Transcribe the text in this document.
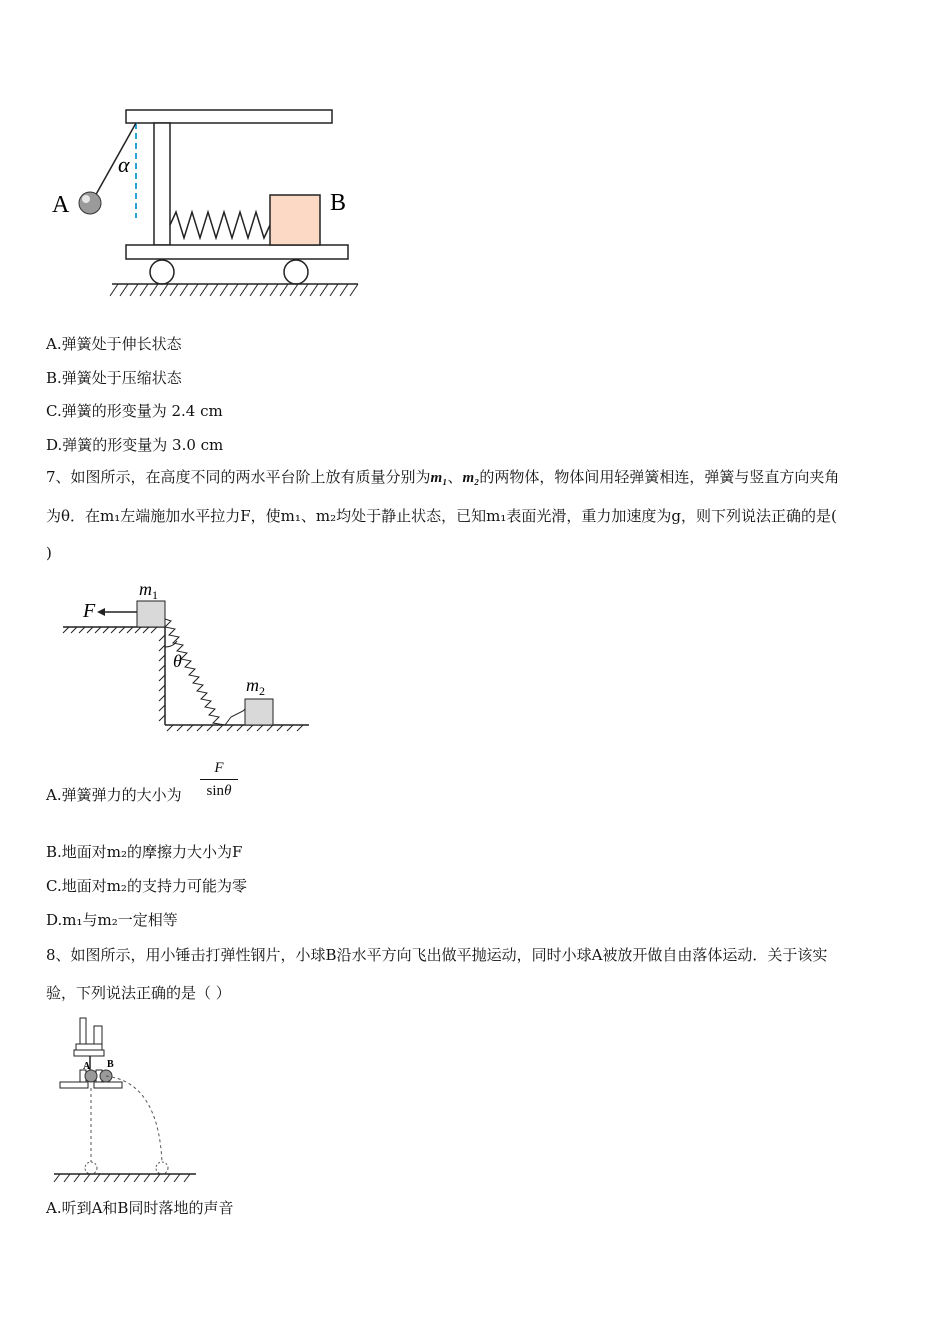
A	B
α
A.弹簧处于伸长状态
B.弹簧处于压缩状态
C.弹簧的形变量为 2.4 cm
D.弹簧的形变量为 3.0 cm
7、如图所示，在高度不同的两水平台阶上放有质量分别为m₁、m₂的两物体，物体间用轻弹簧相连，弹簧与竖直方向夹角
为θ．在m₁左端施加水平拉力F，使m₁、m₂均处于静止状态，已知m₁表面光滑，重力加速度为g，则下列说法正确的是(
)
F
$m_1$
θ
$m_2$
A.弹簧弹力的大小为
F
sinθ
B.地面对m₂的摩擦力大小为F
C.地面对m₂的支持力可能为零
D.m₁与m₂一定相等
8、如图所示，用小锤击打弹性钢片，小球B沿水平方向飞出做平抛运动，同时小球A被放开做自由落体运动．关于该实
验，下列说法正确的是（ ）
A B
A.听到A和B同时落地的声音
